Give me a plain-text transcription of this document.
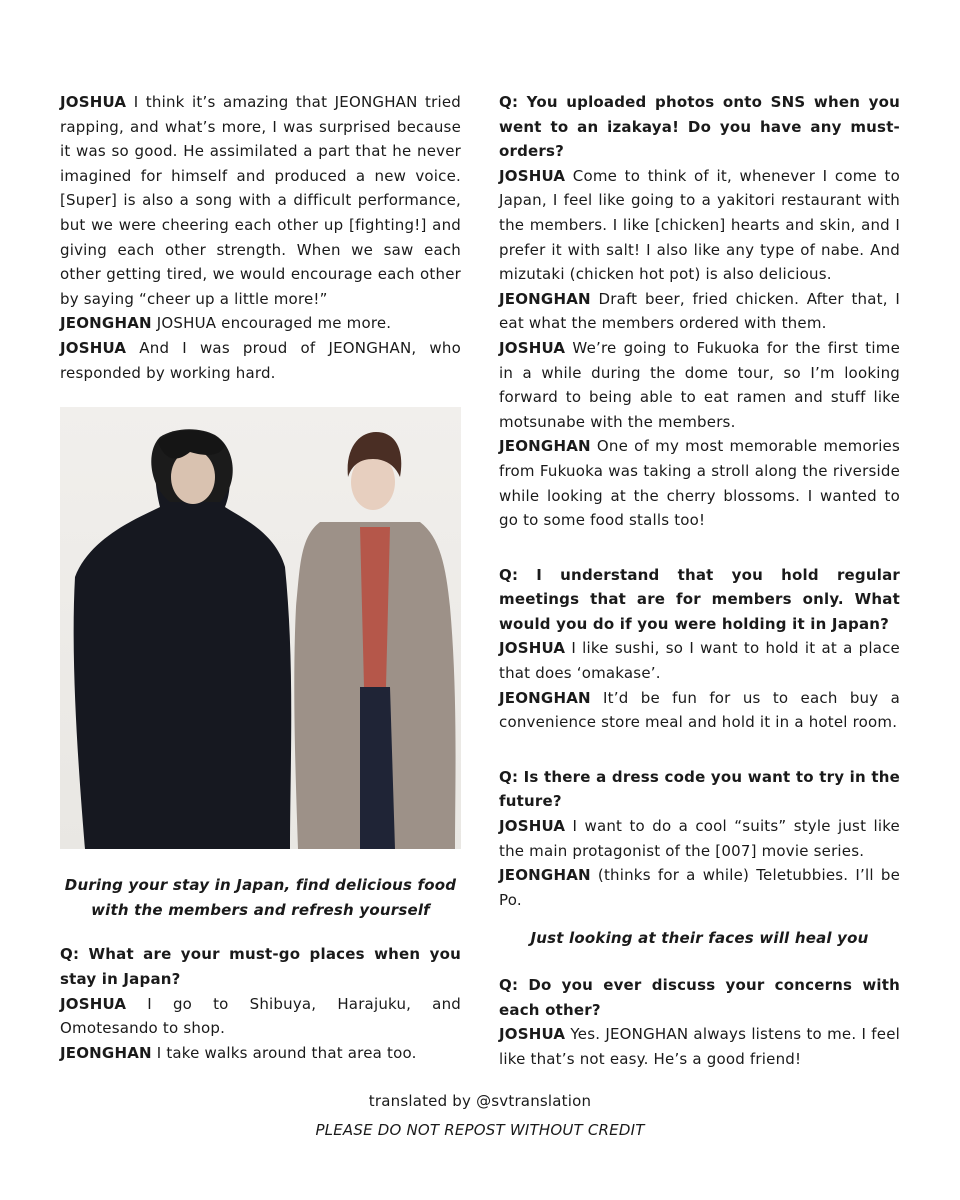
JOSHUA I think it’s amazing that JEONGHAN tried rapping, and what’s more, I was surprised because it was so good. He assimilated a part that he never imagined for himself and produced a new voice. [Super] is also a song with a difficult performance, but we were cheering each other up [fighting!] and giving each other strength. When we saw each other getting tired, we would encourage each other by saying “cheer up a little more!”

JEONGHAN JOSHUA encouraged me more.

JOSHUA And I was proud of JEONGHAN, who responded by working hard.

During your stay in Japan, find delicious food with the members and refresh yourself

Q: What are your must-go places when you stay in Japan?

JOSHUA I go to Shibuya, Harajuku, and Omotesando to shop.

JEONGHAN I take walks around that area too.

Q: You uploaded photos onto SNS when you went to an izakaya! Do you have any must-orders?

JOSHUA Come to think of it, whenever I come to Japan, I feel like going to a yakitori restaurant with the members. I like [chicken] hearts and skin, and I prefer it with salt! I also like any type of nabe. And mizutaki (chicken hot pot) is also delicious.

JEONGHAN Draft beer, fried chicken. After that, I eat what the members ordered with them.

JOSHUA We’re going to Fukuoka for the first time in a while during the dome tour, so I’m looking forward to being able to eat ramen and stuff like motsunabe with the members.

JEONGHAN One of my most memorable memories from Fukuoka was taking a stroll along the riverside while looking at the cherry blossoms. I wanted to go to some food stalls too!

Q: I understand that you hold regular meetings that are for members only. What would you do if you were holding it in Japan?

JOSHUA I like sushi, so I want to hold it at a place that does ‘omakase’.

JEONGHAN It’d be fun for us to each buy a convenience store meal and hold it in a hotel room.

Q: Is there a dress code you want to try in the future?

JOSHUA I want to do a cool “suits” style just like the main protagonist of the [007] movie series.

JEONGHAN (thinks for a while) Teletubbies. I’ll be Po.

Just looking at their faces will heal you

Q: Do you ever discuss your concerns with each other?

JOSHUA Yes. JEONGHAN always listens to me. I feel like that’s not easy. He’s a good friend!

translated by @svtranslation
PLEASE DO NOT REPOST WITHOUT CREDIT
